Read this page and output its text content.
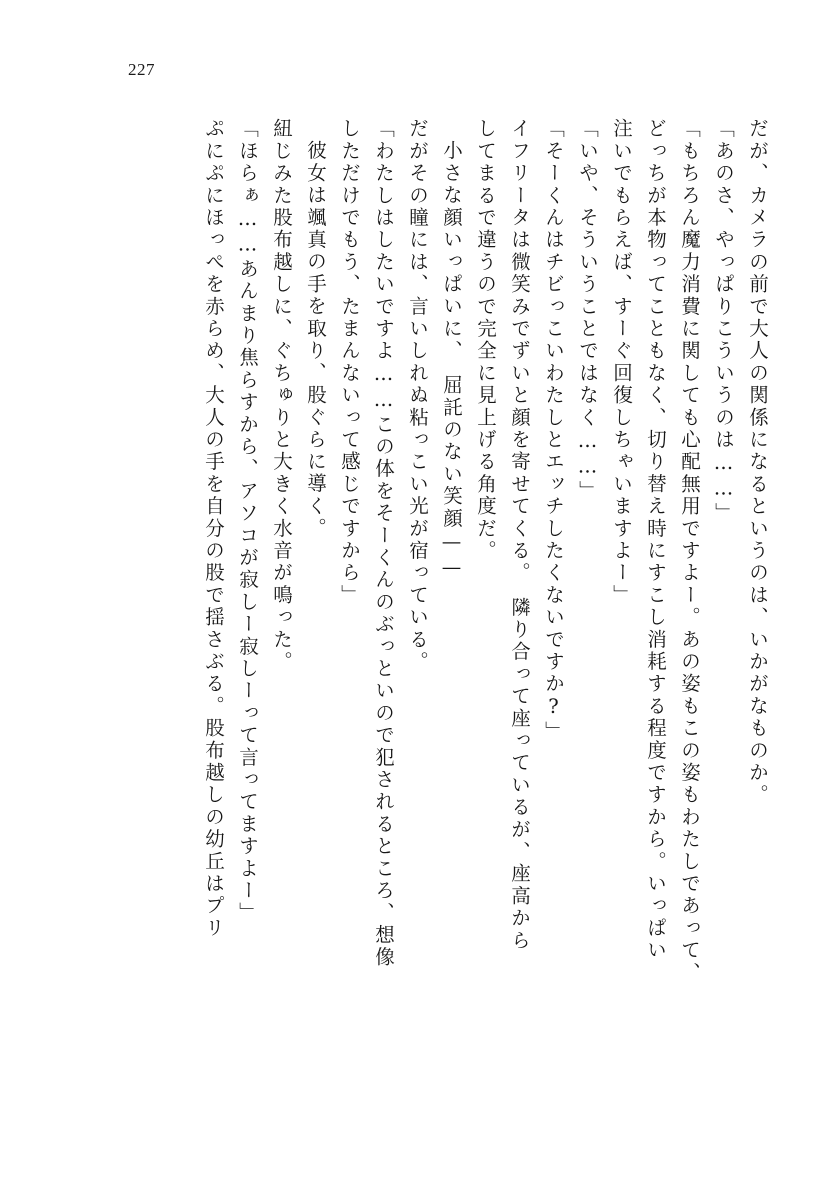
227
だが、カメラの前で大人の関係になるというのは、いかがなものか。
「あのさ、やっぱりこういうのは……」
「もちろん魔力消費に関しても心配無用ですよー。あの姿もこの姿もわたしであって、
どっちが本物ってこともなく、切り替え時にすこし消耗する程度ですから。いっぱい
注いでもらえば、すーぐ回復しちゃいますよー」
「いや、そういうことではなく……」
「そーくんはチビっこいわたしとエッチしたくないですか?」
イフリータは微笑みでずいと顔を寄せてくる。　隣り合って座っているが、座高から
してまるで違うので完全に見上げる角度だ。
小さな顔いっぱいに、　屈託のない笑顔——
だがその瞳には、言いしれぬ粘っこい光が宿っている。
「わたしはしたいですよ……この体をそーくんのぶっといので犯されるところ、想像
しただけでもう、たまんないって感じですから」
彼女は颯真の手を取り、股ぐらに導く。
紐じみた股布越しに、ぐちゅりと大きく水音が鳴った。
「ほらぁ……あんまり焦らすから、アソコが寂しー寂しーって言ってますよー」
ぷにぷにほっぺを赤らめ、大人の手を自分の股で揺さぶる。股布越しの幼丘はプリ
